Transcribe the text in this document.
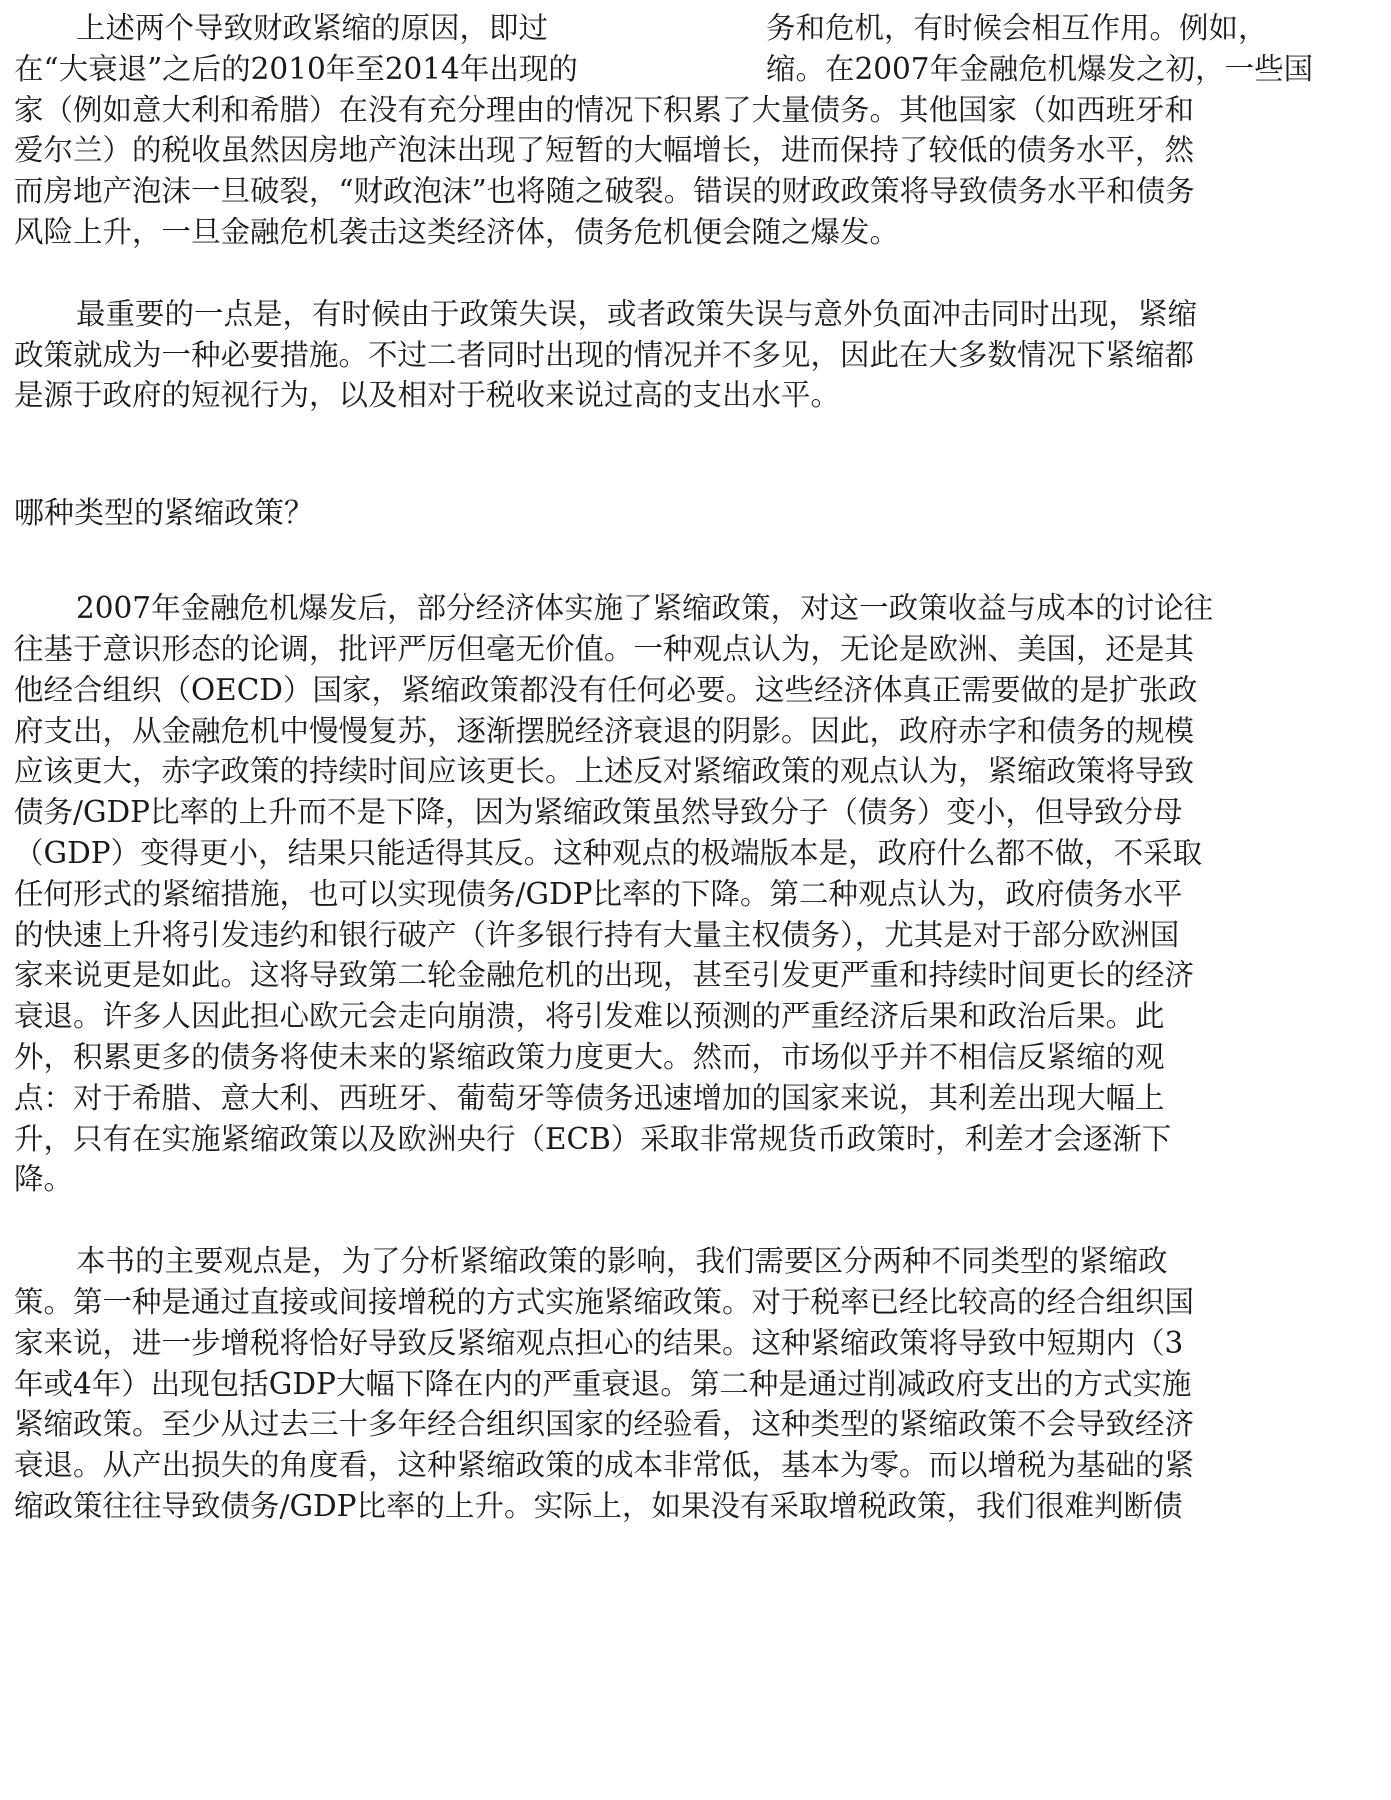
上述两个导致财政紧缩的原因，即过	务和危机，有时候会相互作用。例如，
在“大衰退”之后的2010年至2014年出现的	缩。在2007年金融危机爆发之初，一些国
家（例如意大利和希腊）在没有充分理由的情况下积累了大量债务。其他国家（如西班牙和
爱尔兰）的税收虽然因房地产泡沫出现了短暂的大幅增长，进而保持了较低的债务水平，然
而房地产泡沫一旦破裂，“财政泡沫”也将随之破裂。错误的财政政策将导致债务水平和债务
风险上升，一旦金融危机袭击这类经济体，债务危机便会随之爆发。
最重要的一点是，有时候由于政策失误，或者政策失误与意外负面冲击同时出现，紧缩
政策就成为一种必要措施。不过二者同时出现的情况并不多见，因此在大多数情况下紧缩都
是源于政府的短视行为，以及相对于税收来说过高的支出水平。
哪种类型的紧缩政策？
2007年金融危机爆发后，部分经济体实施了紧缩政策，对这一政策收益与成本的讨论往
往基于意识形态的论调，批评严厉但毫无价值。一种观点认为，无论是欧洲、美国，还是其
他经合组织（OECD）国家，紧缩政策都没有任何必要。这些经济体真正需要做的是扩张政
府支出，从金融危机中慢慢复苏，逐渐摆脱经济衰退的阴影。因此，政府赤字和债务的规模
应该更大，赤字政策的持续时间应该更长。上述反对紧缩政策的观点认为，紧缩政策将导致
债务/GDP比率的上升而不是下降，因为紧缩政策虽然导致分子（债务）变小，但导致分母
（GDP）变得更小，结果只能适得其反。这种观点的极端版本是，政府什么都不做，不采取
任何形式的紧缩措施，也可以实现债务/GDP比率的下降。第二种观点认为，政府债务水平
的快速上升将引发违约和银行破产（许多银行持有大量主权债务），尤其是对于部分欧洲国
家来说更是如此。这将导致第二轮金融危机的出现，甚至引发更严重和持续时间更长的经济
衰退。许多人因此担心欧元会走向崩溃，将引发难以预测的严重经济后果和政治后果。此
外，积累更多的债务将使未来的紧缩政策力度更大。然而，市场似乎并不相信反紧缩的观
点：对于希腊、意大利、西班牙、葡萄牙等债务迅速增加的国家来说，其利差出现大幅上
升，只有在实施紧缩政策以及欧洲央行（ECB）采取非常规货币政策时，利差才会逐渐下
降。
本书的主要观点是，为了分析紧缩政策的影响，我们需要区分两种不同类型的紧缩政
策。第一种是通过直接或间接增税的方式实施紧缩政策。对于税率已经比较高的经合组织国
家来说，进一步增税将恰好导致反紧缩观点担心的结果。这种紧缩政策将导致中短期内（3
年或4年）出现包括GDP大幅下降在内的严重衰退。第二种是通过削减政府支出的方式实施
紧缩政策。至少从过去三十多年经合组织国家的经验看，这种类型的紧缩政策不会导致经济
衰退。从产出损失的角度看，这种紧缩政策的成本非常低，基本为零。而以增税为基础的紧
缩政策往往导致债务/GDP比率的上升。实际上，如果没有采取增税政策，我们很难判断债
